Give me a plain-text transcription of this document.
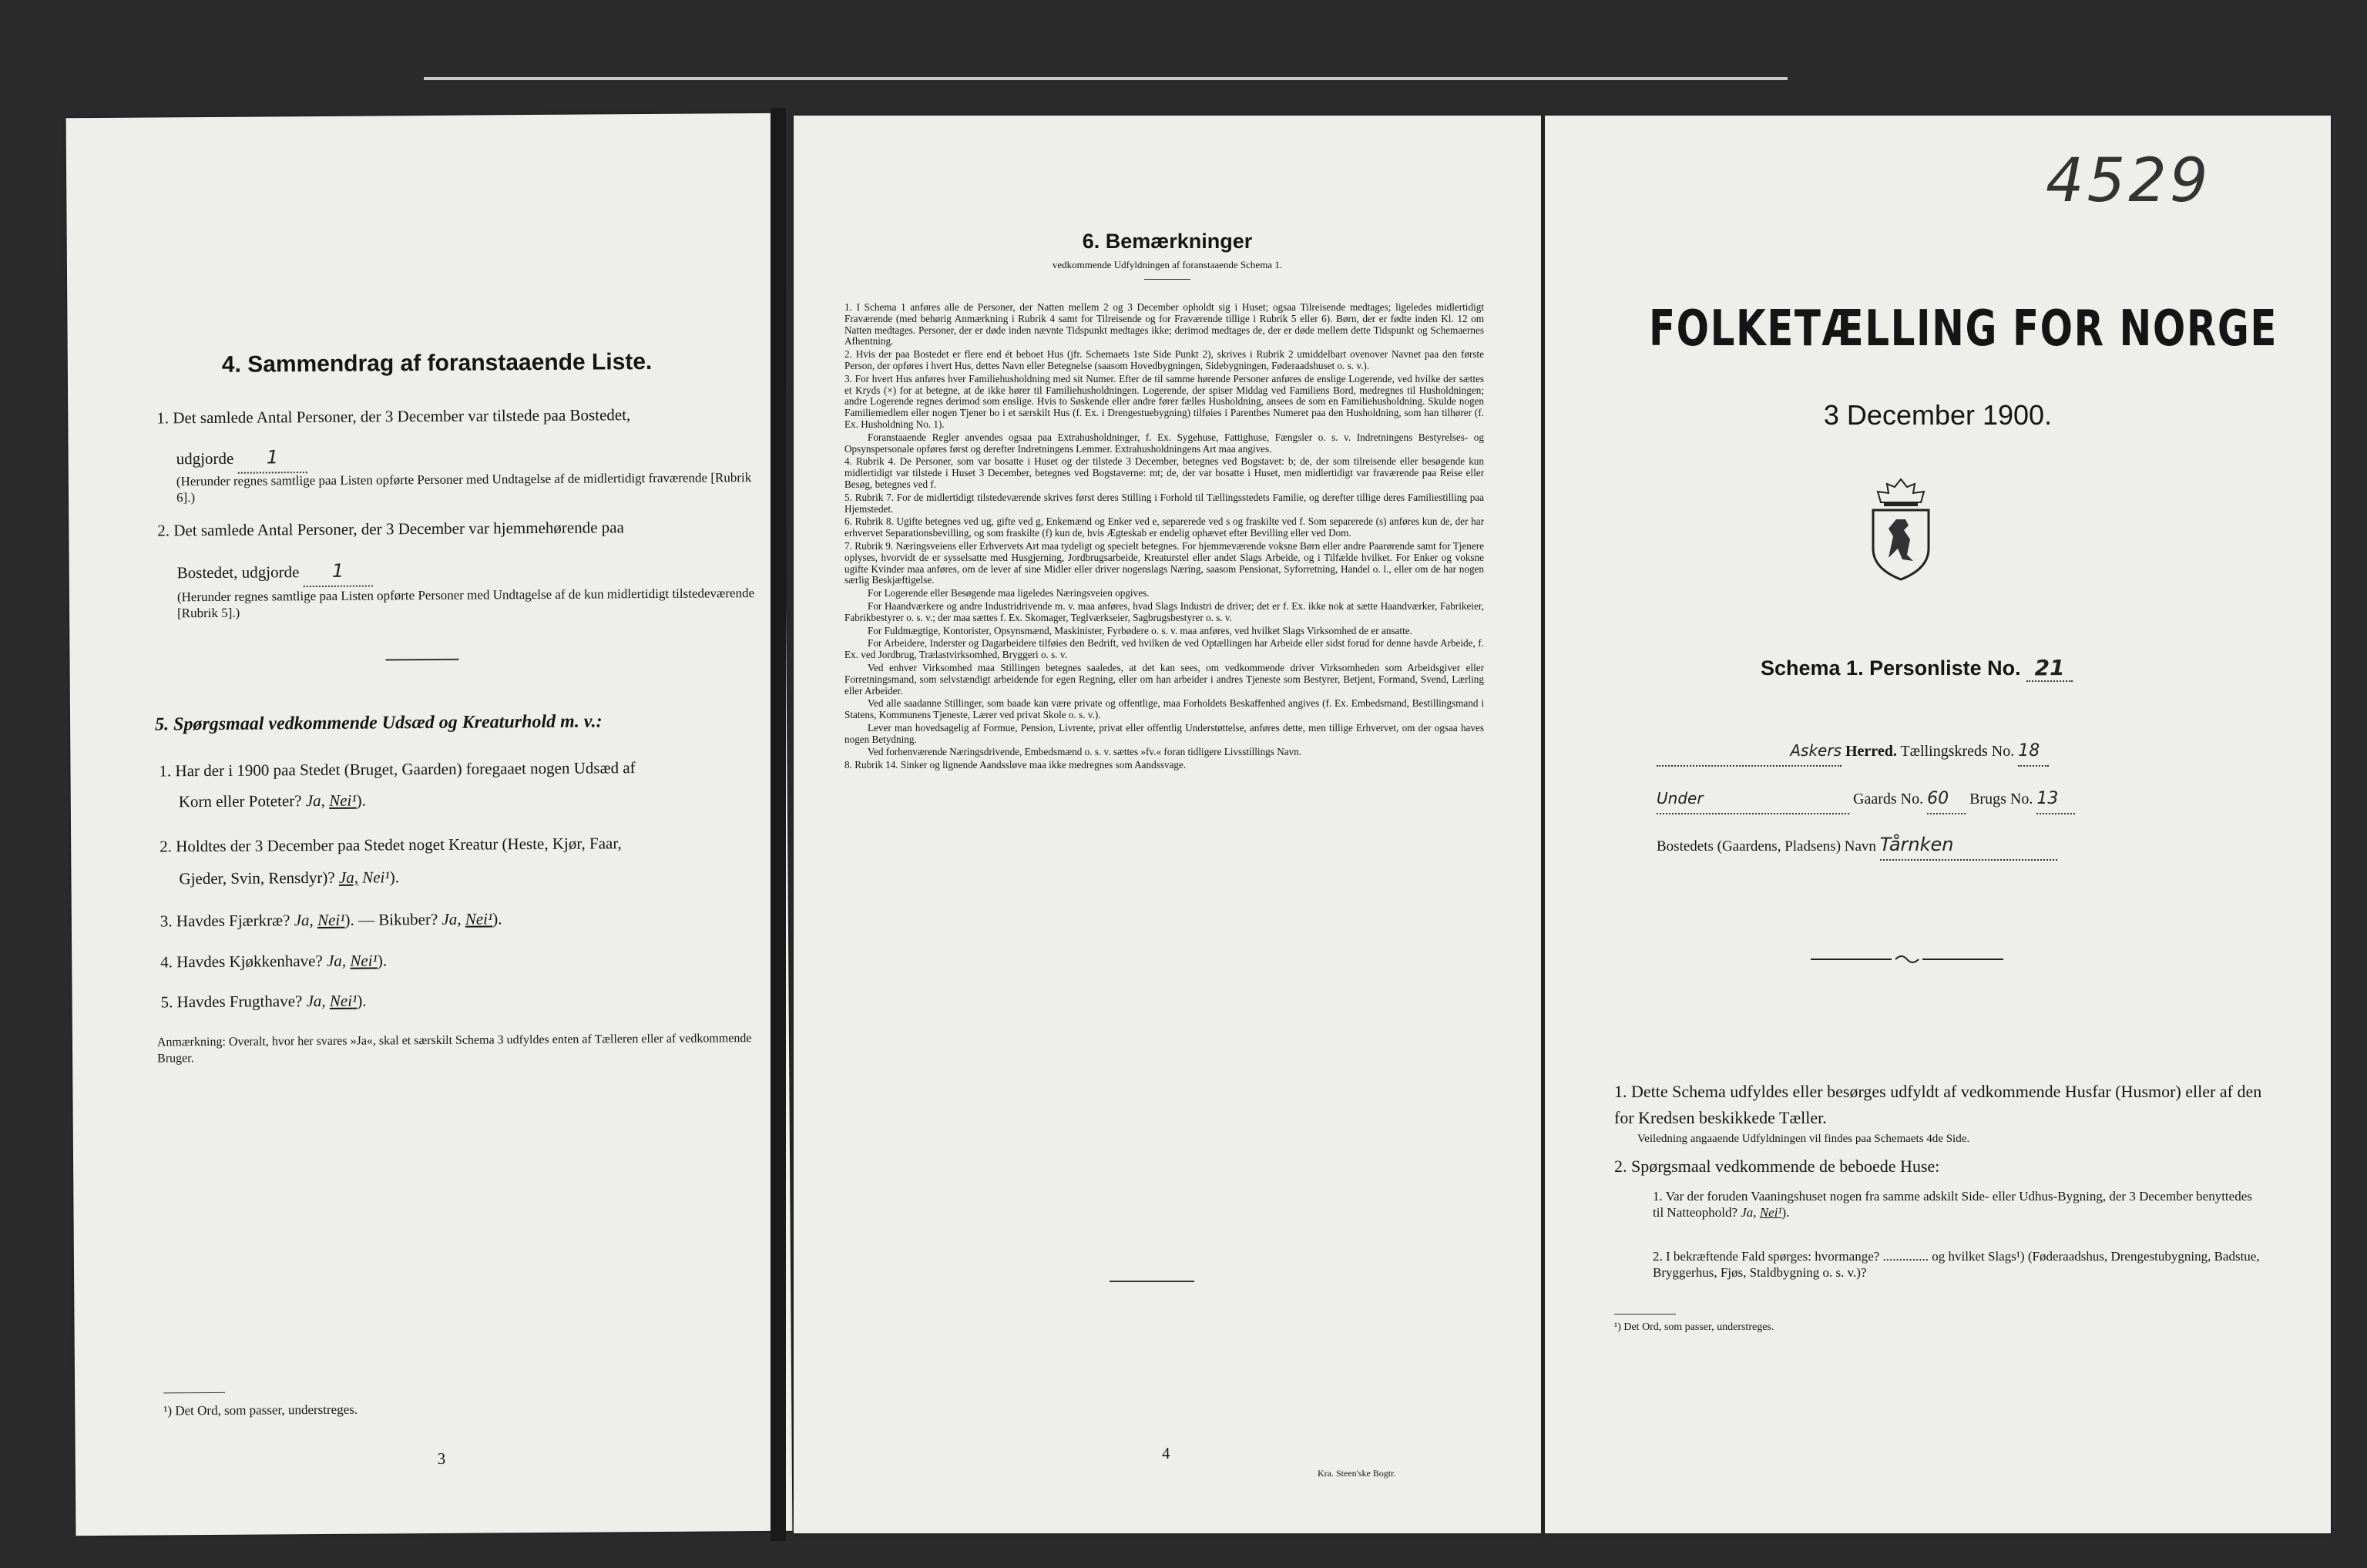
4. Sammendrag af foranstaaende Liste.
1. Det samlede Antal Personer, der 3 December var tilstede paa Bostedet,
udgjorde 1
(Herunder regnes samtlige paa Listen opførte Personer med Undtagelse af de midlertidigt fraværende [Rubrik 6].)
2. Det samlede Antal Personer, der 3 December var hjemmehørende paa
Bostedet, udgjorde 1
(Herunder regnes samtlige paa Listen opførte Personer med Undtagelse af de kun midlertidigt tilstedeværende [Rubrik 5].)
5. Spørgsmaal vedkommende Udsæd og Kreaturhold m. v.:
1. Har der i 1900 paa Stedet (Bruget, Gaarden) foregaaet nogen Udsæd af
Korn eller Poteter? Ja, Nei¹).
2. Holdtes der 3 December paa Stedet noget Kreatur (Heste, Kjør, Faar,
Gjeder, Svin, Rensdyr)? Ja, Nei¹).
3. Havdes Fjærkræ? Ja, Nei¹). — Bikuber? Ja, Nei¹).
4. Havdes Kjøkkenhave? Ja, Nei¹).
5. Havdes Frugthave? Ja, Nei¹).
Anmærkning: Overalt, hvor her svares »Ja«, skal et særskilt Schema 3 udfyldes enten af Tælleren eller af vedkommende Bruger.
¹) Det Ord, som passer, understreges.
3
6. Bemærkninger
vedkommende Udfyldningen af foranstaaende Schema 1.

1. I Schema 1 anføres alle de Personer, der Natten mellem 2 og 3 December opholdt sig i Huset; ogsaa Tilreisende medtages; ligeledes midlertidigt Fraværende (med behørig Anmærkning i Rubrik 4 samt for Tilreisende og for Fraværende tillige i Rubrik 5 eller 6). Børn, der er fødte inden Kl. 12 om Natten medtages. Personer, der er døde inden nævnte Tidspunkt medtages ikke; derimod medtages de, der er døde mellem dette Tidspunkt og Schemaernes Afhentning.

2. Hvis der paa Bostedet er flere end ét beboet Hus (jfr. Schemaets 1ste Side Punkt 2), skrives i Rubrik 2 umiddelbart ovenover Navnet paa den første Person, der opføres i hvert Hus, dettes Navn eller Betegnelse (saasom Hovedbygningen, Sidebygningen, Føderaadshuset o. s. v.).

3. For hvert Hus anføres hver Familiehusholdning med sit Numer. Efter de til samme hørende Personer anføres de enslige Logerende, ved hvilke der sættes et Kryds (×) for at betegne, at de ikke hører til Familiehusholdningen. Logerende, der spiser Middag ved Familiens Bord, medregnes til Husholdningen; andre Logerende regnes derimod som enslige. Hvis to Søskende eller andre fører fælles Husholdning, ansees de som en Familiehusholdning. Skulde nogen Familiemedlem eller nogen Tjener bo i et særskilt Hus (f. Ex. i Drengestuebygning) tilføies i Parenthes Numeret paa den Husholdning, som han tilhører (f. Ex. Husholdning No. 1).

Foranstaaende Regler anvendes ogsaa paa Extrahusholdninger, f. Ex. Sygehuse, Fattighuse, Fængsler o. s. v. Indretningens Bestyrelses- og Opsynspersonale opføres først og derefter Indretningens Lemmer. Extrahusholdningens Art maa angives.

4. Rubrik 4. De Personer, som var bosatte i Huset og der tilstede 3 December, betegnes ved Bogstavet: b; de, der som tilreisende eller besøgende kun midlertidigt var tilstede i Huset 3 December, betegnes ved Bogstaverne: mt; de, der var bosatte i Huset, men midlertidigt var fraværende paa Reise eller Besøg, betegnes ved f.

5. Rubrik 7. For de midlertidigt tilstedeværende skrives først deres Stilling i Forhold til Tællingsstedets Familie, og derefter tillige deres Familiestilling paa Hjemstedet.

6. Rubrik 8. Ugifte betegnes ved ug, gifte ved g, Enkemænd og Enker ved e, separerede ved s og fraskilte ved f. Som separerede (s) anføres kun de, der har erhvervet Separationsbevilling, og som fraskilte (f) kun de, hvis Ægteskab er endelig ophævet efter Bevilling eller ved Dom.

7. Rubrik 9. Næringsveiens eller Erhvervets Art maa tydeligt og specielt betegnes. For hjemmeværende voksne Børn eller andre Paarørende samt for Tjenere oplyses, hvorvidt de er sysselsatte med Husgjerning, Jordbrugsarbeide, Kreaturstel eller andet Slags Arbeide, og i Tilfælde hvilket. For Enker og voksne ugifte Kvinder maa anføres, om de lever af sine Midler eller driver nogenslags Næring, saasom Pensionat, Syforretning, Handel o. l., eller om de har nogen særlig Beskjæftigelse.

For Logerende eller Besøgende maa ligeledes Næringsveien opgives.

For Haandværkere og andre Industridrivende m. v. maa anføres, hvad Slags Industri de driver; det er f. Ex. ikke nok at sætte Haandværker, Fabrikeier, Fabrikbestyrer o. s. v.; der maa sættes f. Ex. Skomager, Teglværkseier, Sagbrugsbestyrer o. s. v.

For Fuldmægtige, Kontorister, Opsynsmænd, Maskinister, Fyrbødere o. s. v. maa anføres, ved hvilket Slags Virksomhed de er ansatte.

For Arbeidere, Inderster og Dagarbeidere tilføies den Bedrift, ved hvilken de ved Optællingen har Arbeide eller sidst forud for denne havde Arbeide, f. Ex. ved Jordbrug, Trælastvirksomhed, Bryggeri o. s. v.

Ved enhver Virksomhed maa Stillingen betegnes saaledes, at det kan sees, om vedkommende driver Virksomheden som Arbeidsgiver eller Forretningsmand, som selvstændigt arbeidende for egen Regning, eller om han arbeider i andres Tjeneste som Bestyrer, Betjent, Formand, Svend, Lærling eller Arbeider.

Ved alle saadanne Stillinger, som baade kan være private og offentlige, maa Forholdets Beskaffenhed angives (f. Ex. Embedsmand, Bestillingsmand i Statens, Kommunens Tjeneste, Lærer ved privat Skole o. s. v.).

Lever man hovedsagelig af Formue, Pension, Livrente, privat eller offentlig Understøttelse, anføres dette, men tillige Erhvervet, om der ogsaa haves nogen Betydning.

Ved forhenværende Næringsdrivende, Embedsmænd o. s. v. sættes »fv.« foran tidligere Livsstillings Navn.

8. Rubrik 14. Sinker og lignende Aandssløve maa ikke medregnes som Aandssvage.

4
Kra. Steen'ske Bogtr.
4529
FOLKETÆLLING FOR NORGE
3 December 1900.
Schema 1. Personliste No. 21
Askers Herred. Tællingskreds No. 18
Under	Gaards No. 60 Brugs No. 13
Bostedets (Gaardens, Pladsens) Navn Tårnken
1. Dette Schema udfyldes eller besørges udfyldt af vedkommende Husfar (Husmor) eller af den for Kredsen beskikkede Tæller.
Veiledning angaaende Udfyldningen vil findes paa Schemaets 4de Side.
2. Spørgsmaal vedkommende de beboede Huse:
1. Var der foruden Vaaningshuset nogen fra samme adskilt Side- eller Udhus-Bygning, der 3 December benyttedes til Natteophold? Ja, Nei¹).
2. I bekræftende Fald spørges: hvormange? .............. og hvilket Slags¹) (Føderaadshus, Drengestubygning, Badstue, Bryggerhus, Fjøs, Staldbygning o. s. v.)?
¹) Det Ord, som passer, understreges.
